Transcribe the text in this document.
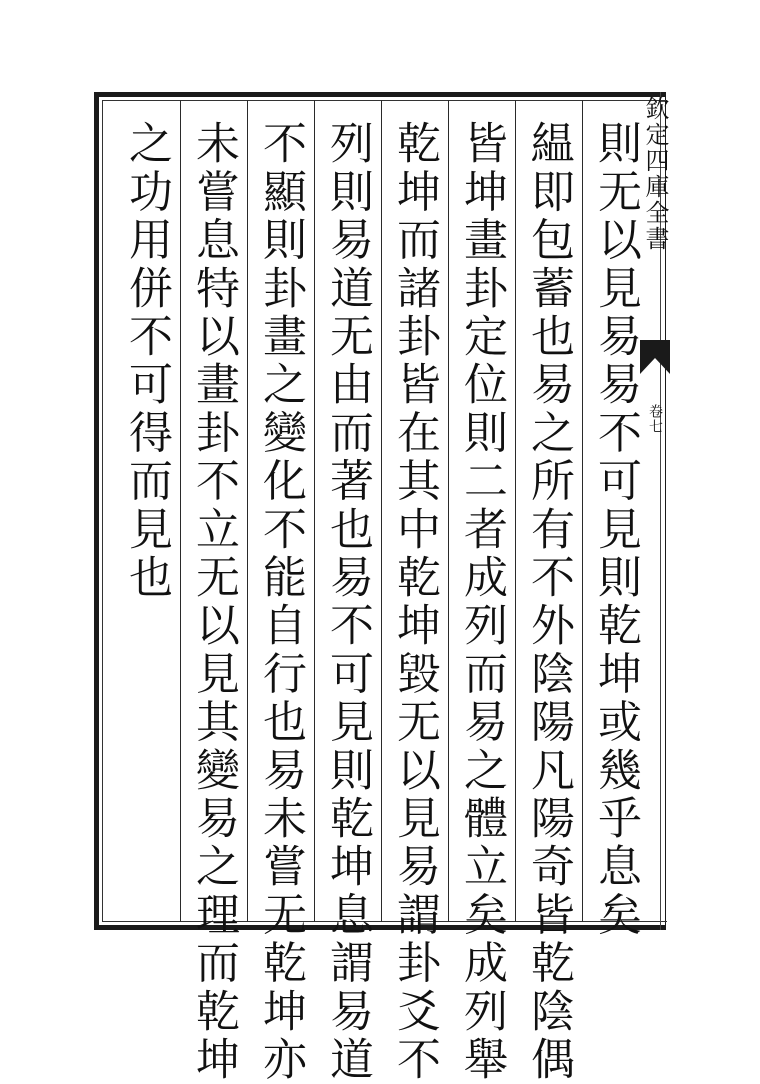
欽定四庫全書
卷七
則无以見易易不可見則乾坤或幾乎息矣
緼即包蓄也易之所有不外陰陽凡陽奇皆乾陰偶
皆坤畫卦定位則二者成列而易之體立矣成列舉
乾坤而諸卦皆在其中乾坤毀无以見易謂卦爻不
列則易道无由而著也易不可見則乾坤息謂易道
不顯則卦畫之變化不能自行也易未嘗无乾坤亦
未嘗息特以畫卦不立无以見其變易之理而乾坤
之功用併不可得而見也
